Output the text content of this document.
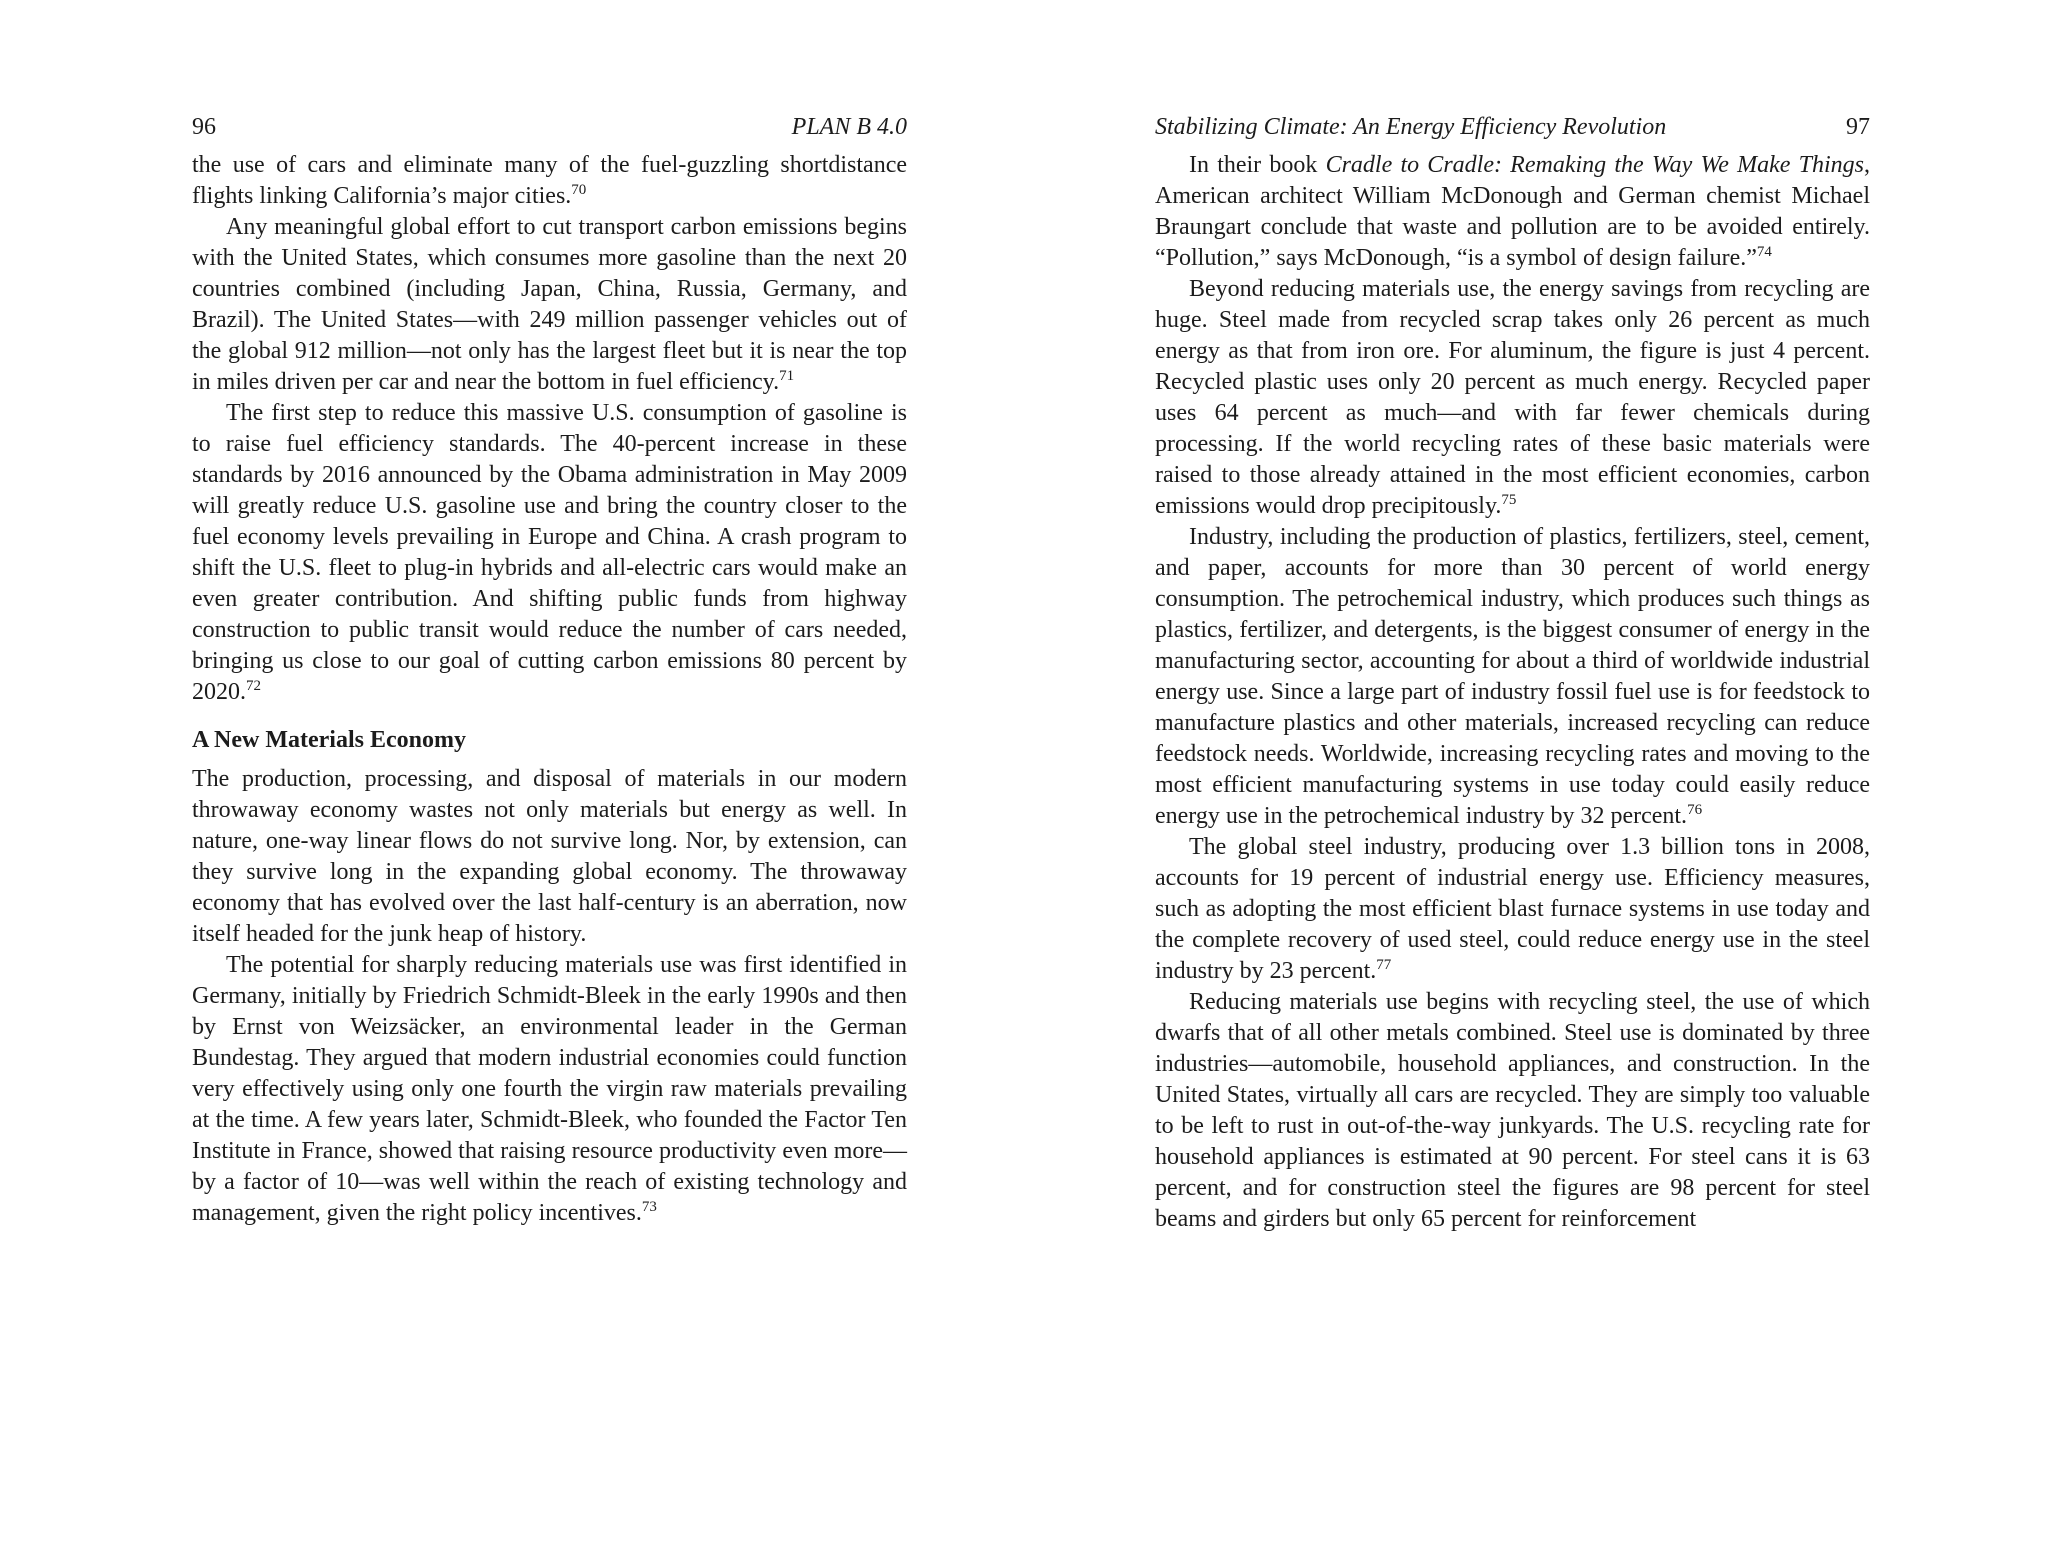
96	PLAN B 4.0

the use of cars and eliminate many of the fuel-guzzling shortdistance flights linking California’s major cities.$^{70}$

Any meaningful global effort to cut transport carbon emissions begins with the United States, which consumes more gasoline than the next 20 countries combined (including Japan, China, Russia, Germany, and Brazil). The United States—with 249 million passenger vehicles out of the global 912 million—not only has the largest fleet but it is near the top in miles driven per car and near the bottom in fuel efficiency.$^{71}$

The first step to reduce this massive U.S. consumption of gasoline is to raise fuel efficiency standards. The 40-percent increase in these standards by 2016 announced by the Obama administration in May 2009 will greatly reduce U.S. gasoline use and bring the country closer to the fuel economy levels prevailing in Europe and China. A crash program to shift the U.S. fleet to plug-in hybrids and all-electric cars would make an even greater contribution. And shifting public funds from highway construction to public transit would reduce the number of cars needed, bringing us close to our goal of cutting carbon emissions 80 percent by 2020.72

A New Materials Economy

The production, processing, and disposal of materials in our modern throwaway economy wastes not only materials but energy as well. In nature, one-way linear flows do not survive long. Nor, by extension, can they survive long in the expanding global economy. The throwaway economy that has evolved over the last half-century is an aberration, now itself headed for the junk heap of history.

The potential for sharply reducing materials use was first identified in Germany, initially by Friedrich Schmidt-Bleek in the early 1990s and then by Ernst von Weizsäcker, an environmental leader in the German Bundestag. They argued that modern industrial economies could function very effectively using only one fourth the virgin raw materials prevailing at the time. A few years later, Schmidt-Bleek, who founded the Factor Ten Institute in France, showed that raising resource productivity even more—by a factor of 10—was well within the reach of existing technology and management, given the right policy incentives.$^{73}$

Stabilizing Climate: An Energy Efficiency Revolution	97

In their book Cradle to Cradle: Remaking the Way We Make Things, American architect William McDonough and German chemist Michael Braungart conclude that waste and pollution are to be avoided entirely. “Pollution,” says McDonough, “is a symbol of design failure.”$^{74}$

Beyond reducing materials use, the energy savings from recycling are huge. Steel made from recycled scrap takes only 26 percent as much energy as that from iron ore. For aluminum, the figure is just 4 percent. Recycled plastic uses only 20 percent as much energy. Recycled paper uses 64 percent as much—and with far fewer chemicals during processing. If the world recycling rates of these basic materials were raised to those already attained in the most efficient economies, carbon emissions would drop precipitously.$^{75}$

Industry, including the production of plastics, fertilizers, steel, cement, and paper, accounts for more than 30 percent of world energy consumption. The petrochemical industry, which produces such things as plastics, fertilizer, and detergents, is the biggest consumer of energy in the manufacturing sector, accounting for about a third of worldwide industrial energy use. Since a large part of industry fossil fuel use is for feedstock to manufacture plastics and other materials, increased recycling can reduce feedstock needs. Worldwide, increasing recycling rates and moving to the most efficient manufacturing systems in use today could easily reduce energy use in the petrochemical industry by 32 percent.$^{76}$

The global steel industry, producing over 1.3 billion tons in 2008, accounts for 19 percent of industrial energy use. Efficiency measures, such as adopting the most efficient blast furnace systems in use today and the complete recovery of used steel, could reduce energy use in the steel industry by 23 percent.$^{77}$

Reducing materials use begins with recycling steel, the use of which dwarfs that of all other metals combined. Steel use is dominated by three industries—automobile, household appliances, and construction. In the United States, virtually all cars are recycled. They are simply too valuable to be left to rust in out-of-the-way junkyards. The U.S. recycling rate for household appliances is estimated at 90 percent. For steel cans it is 63 percent, and for construction steel the figures are 98 percent for steel beams and girders but only 65 percent for reinforcement
